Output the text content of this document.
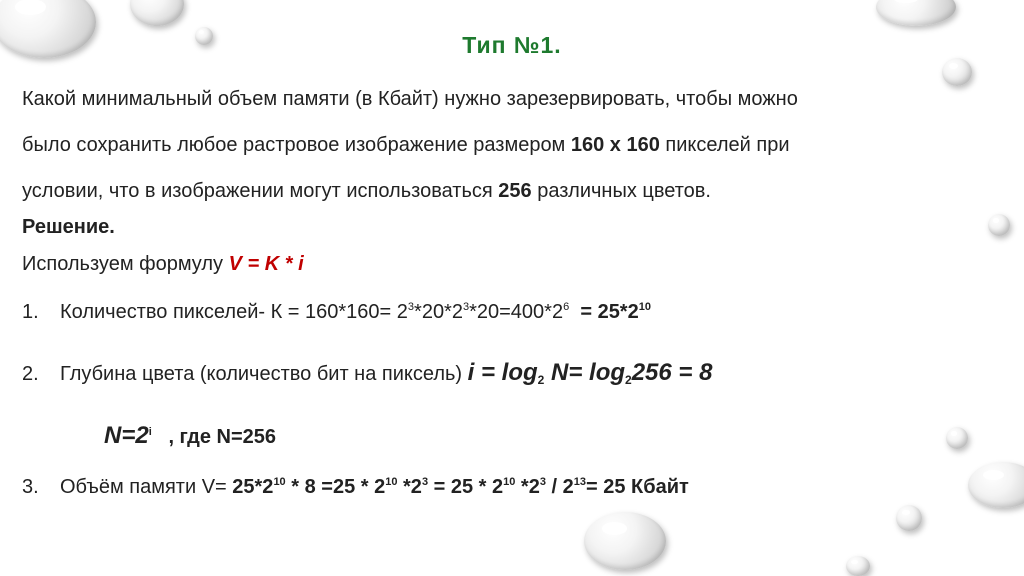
Тип №1.
Какой минимальный объем памяти (в Кбайт) нужно зарезервировать, чтобы можно
было сохранить любое растровое изображение размером 160 х 160 пикселей при
условии, что в изображении могут использоваться 256 различных цветов.
Решение.
Используем формулу V = K * i
1. Количество пикселей- $К = 160*160= 2^3*20*2^3*20=400*2^6 = 25*2^{10}$
2. Глубина цвета (количество бит на пиксель) $i = \log_2 N= \log_2256 = 8$
$N=2^i$ , где N=256
3. Объём памяти $V= 25*2^{10} * 8 =25 * 2^{10}$ $*2^3 = 25 * 2^{10}$ $*2^3 / 2^{13}= 25$ Кбайт
